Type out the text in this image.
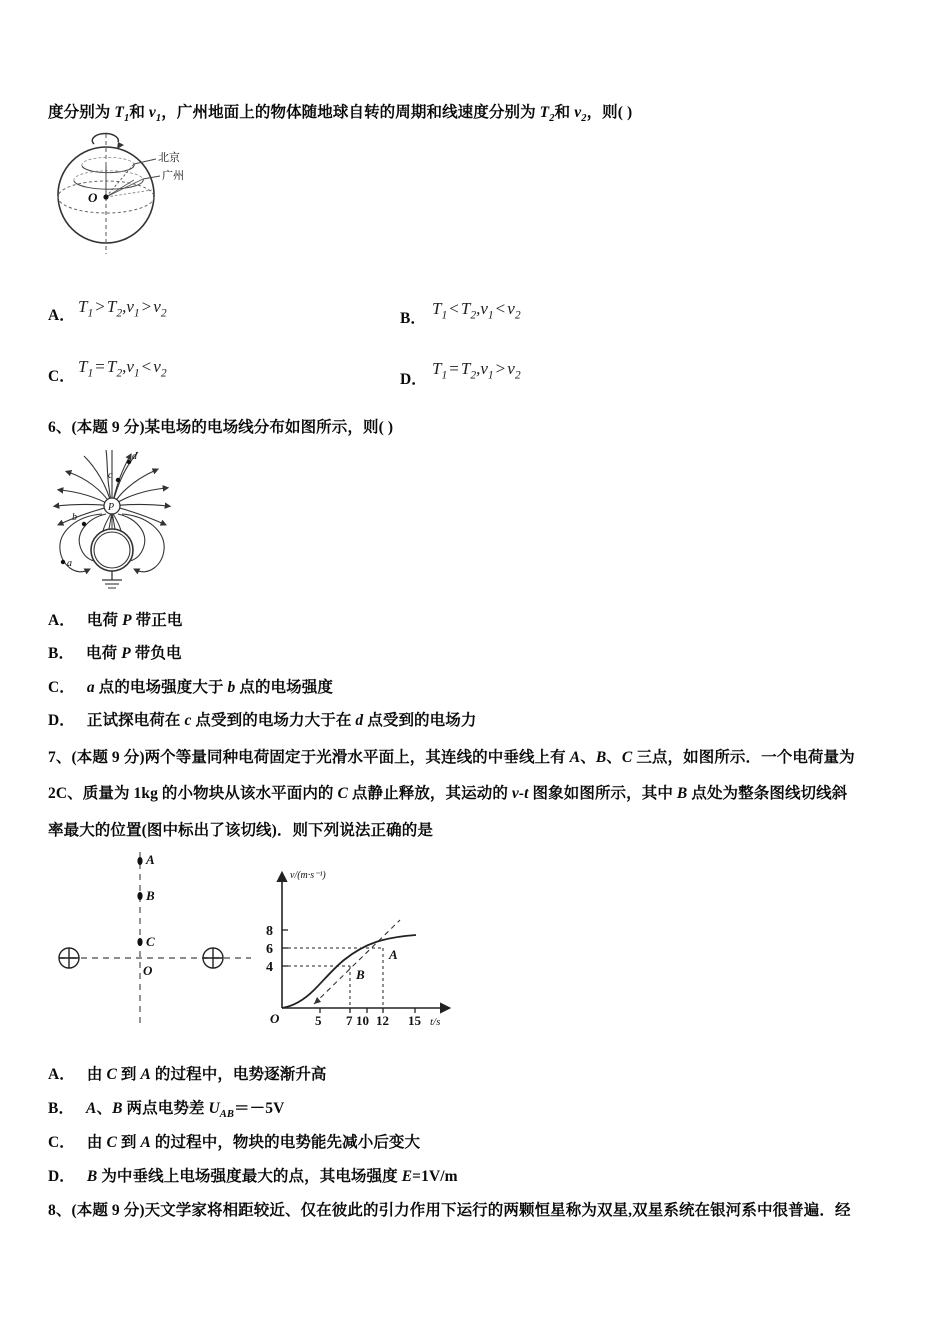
度分别为 $T_1$和 $v_1$，广州地面上的物体随地球自转的周期和线速度分别为 $T_2$和 $v_2$，则( )
O
北京
广州
A． $T_1 > T_2,v_1 > v_2$	B．
$T_1 < T_2,v_1 < v_2$
C．
$T_1 = T_2,v_1 < v_2$	D．
$T_1 = T_2,v_1 > v_2$
6、(本题 9 分)某电场的电场线分布如图所示，则( )
P
d
c
b
a
A． 电荷 P 带正电
B． 电荷 P 带负电
C． a 点的电场强度大于 b 点的电场强度
D． 正试探电荷在 c 点受到的电场力大于在 d 点受到的电场力
7、(本题 9 分)两个等量同种电荷固定于光滑水平面上，其连线的中垂线上有 A、B、C 三点，如图所示．一个电荷量为
2C、质量为 1kg 的小物块从该水平面内的 C 点静止释放，其运动的 v-t 图象如图所示，其中 B 点处为整条图线切线斜
率最大的位置(图中标出了该切线)．则下列说法正确的是
A
B
C
O
v/(m·s⁻¹)
t/s
O
4
6
8
5 7 10 12 15
B
A
A． 由 C 到 A 的过程中，电势逐渐升高
B． A、B 两点电势差 $U_{AB}=-5V$
C． 由 C 到 A 的过程中，物块的电势能先减小后变大
D． B 为中垂线上电场强度最大的点，其电场强度 E=1V/m
8、(本题 9 分)天文学家将相距较近、仅在彼此的引力作用下运行的两颗恒星称为双星,双星系统在银河系中很普遍．经
